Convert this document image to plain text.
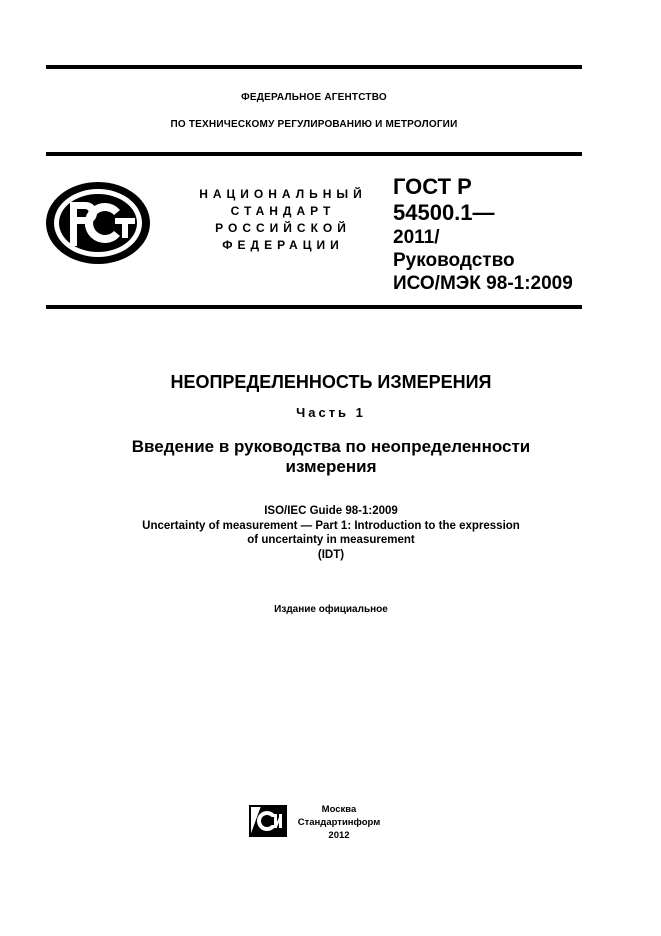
ФЕДЕРАЛЬНОЕ АГЕНТСТВО
ПО ТЕХНИЧЕСКОМУ РЕГУЛИРОВАНИЮ И МЕТРОЛОГИИ
НАЦИОНАЛЬНЫЙ
СТАНДАРТ
РОССИЙСКОЙ
ФЕДЕРАЦИИ
ГОСТ Р
54500.1—
2011/
Руководство
ИСО/МЭК 98-1:2009
НЕОПРЕДЕЛЕННОСТЬ ИЗМЕРЕНИЯ
Часть 1
Введение в руководства по неопределенности
измерения
ISO/IEC Guide 98-1:2009
Uncertainty of measurement — Part 1: Introduction to the expression
of uncertainty in measurement
(IDT)
Издание официальное
Москва
Стандартинформ
2012
